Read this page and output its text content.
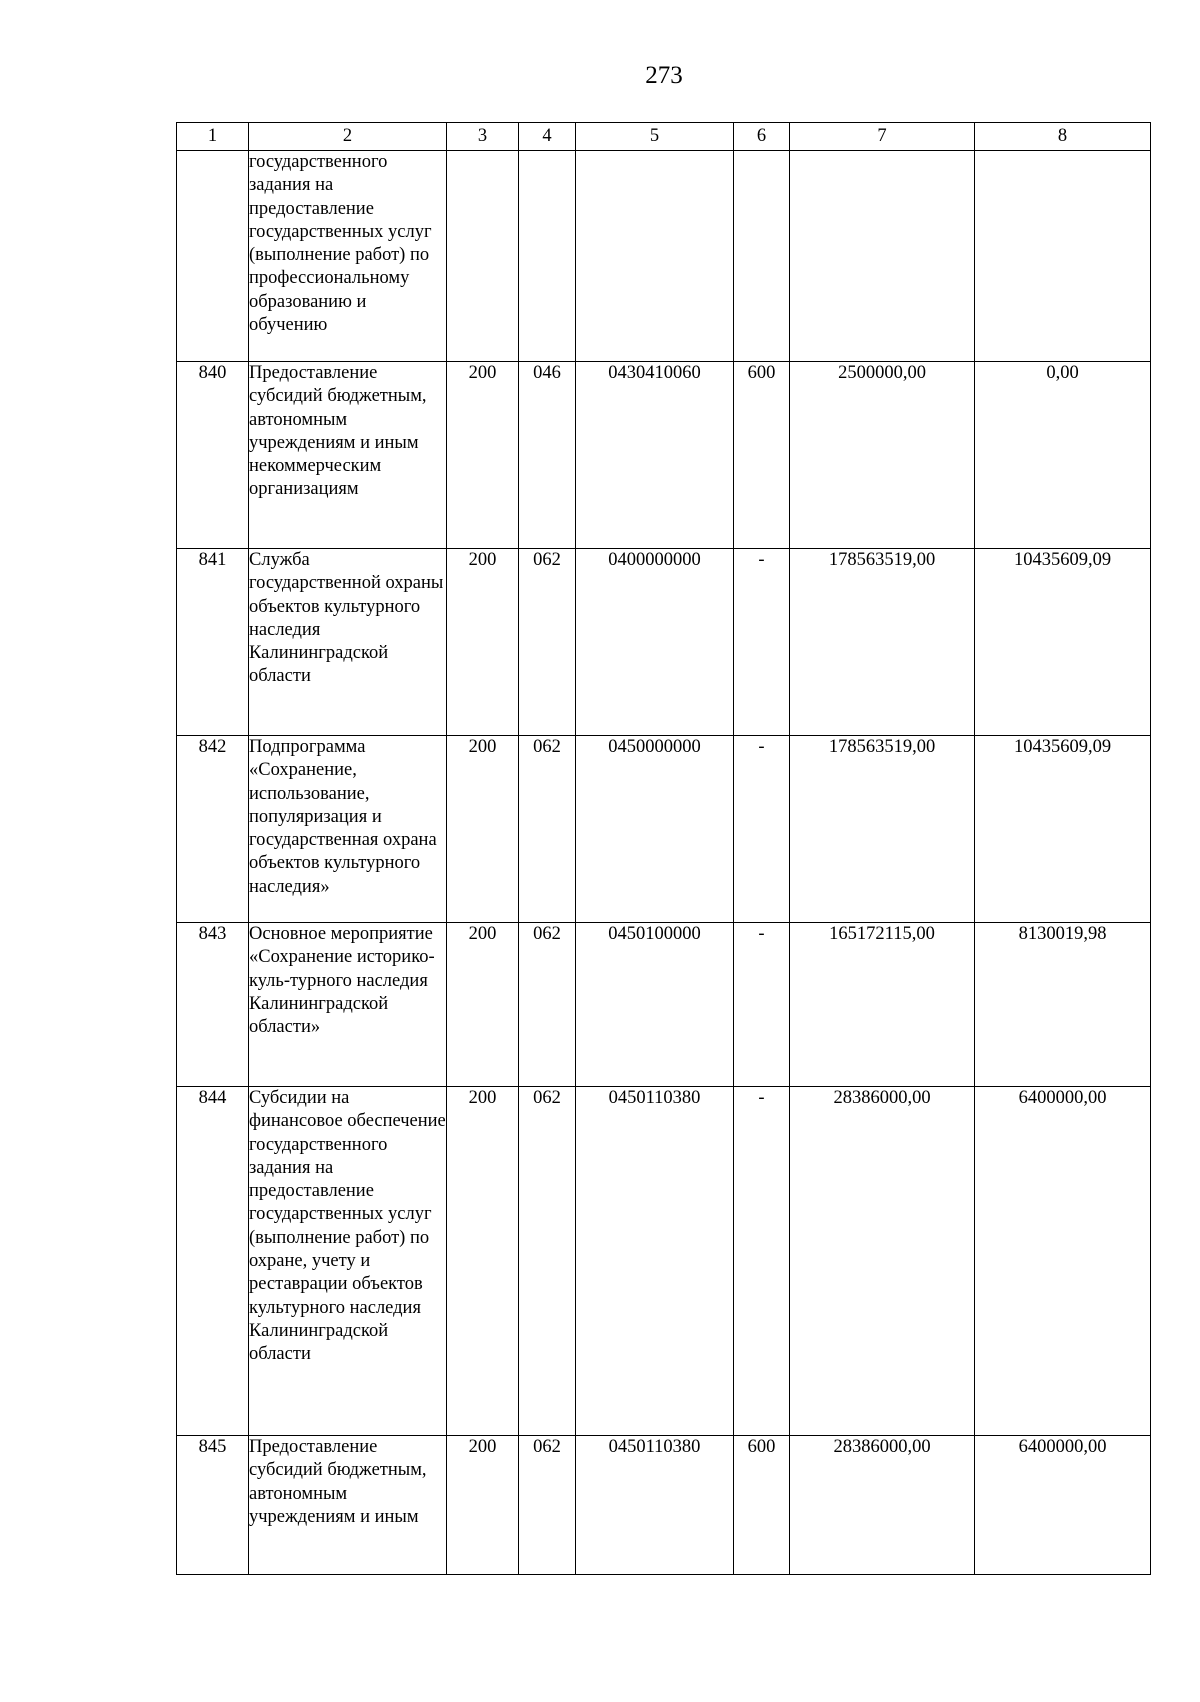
273
1	2	3	4	5	6	7	8
	государственного задания на предоставление государственных услуг (выполнение работ) по профессиональному образованию и обучению						
840	Предоставление субсидий бюджетным, автономным учреждениям и иным некоммерческим организациям	200	046	0430410060	600	2500000,00	0,00
841	Служба государственной охраны объектов культурного наследия Калининградской области	200	062	0400000000	-	178563519,00	10435609,09
842	Подпрограмма «Сохранение, использование, популяризация и государственная охрана объектов культурного наследия»	200	062	0450000000	-	178563519,00	10435609,09
843	Основное мероприятие «Сохранение историко-куль-турного наследия Калининградской области»	200	062	0450100000	-	165172115,00	8130019,98
844	Субсидии на финансовое обеспечение государственного задания на предоставление государственных услуг (выполнение работ) по охране, учету и реставрации объектов культурного наследия Калининградской области	200	062	0450110380	-	28386000,00	6400000,00
845	Предоставление субсидий бюджетным, автономным учреждениям и иным	200	062	0450110380	600	28386000,00	6400000,00
